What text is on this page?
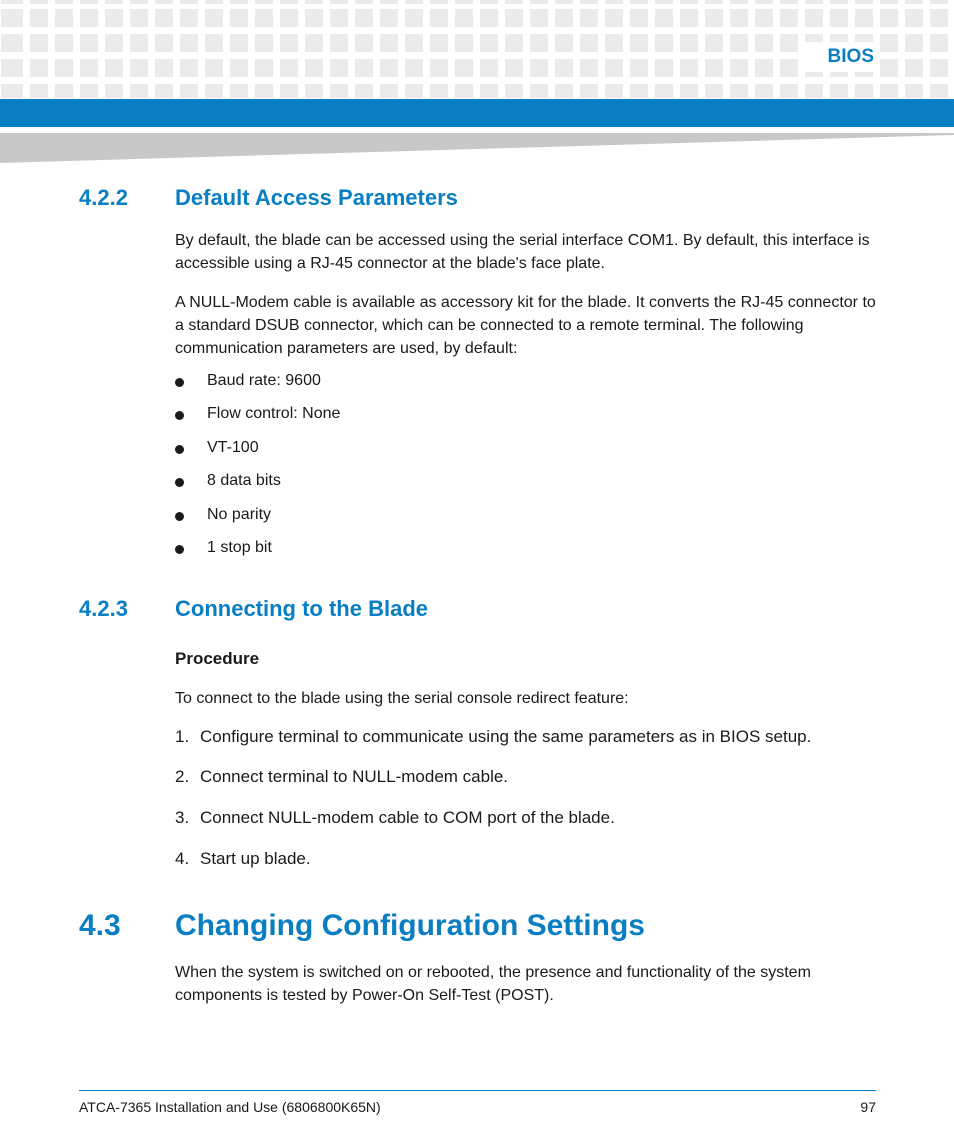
BIOS
4.2.2 Default Access Parameters
By default, the blade can be accessed using the serial interface COM1. By default, this interface is accessible using a RJ-45 connector at the blade's face plate.
A NULL-Modem cable is available as accessory kit for the blade. It converts the RJ-45 connector to a standard DSUB connector, which can be connected to a remote terminal. The following communication parameters are used, by default:
Baud rate: 9600
Flow control: None
VT-100
8 data bits
No parity
1 stop bit
4.2.3 Connecting to the Blade
Procedure
To connect to the blade using the serial console redirect feature:
1. Configure terminal to communicate using the same parameters as in BIOS setup.
2. Connect terminal to NULL-modem cable.
3. Connect NULL-modem cable to COM port of the blade.
4. Start up blade.
4.3 Changing Configuration Settings
When the system is switched on or rebooted, the presence and functionality of the system components is tested by Power-On Self-Test (POST).
ATCA-7365 Installation and Use (6806800K65N)	97
